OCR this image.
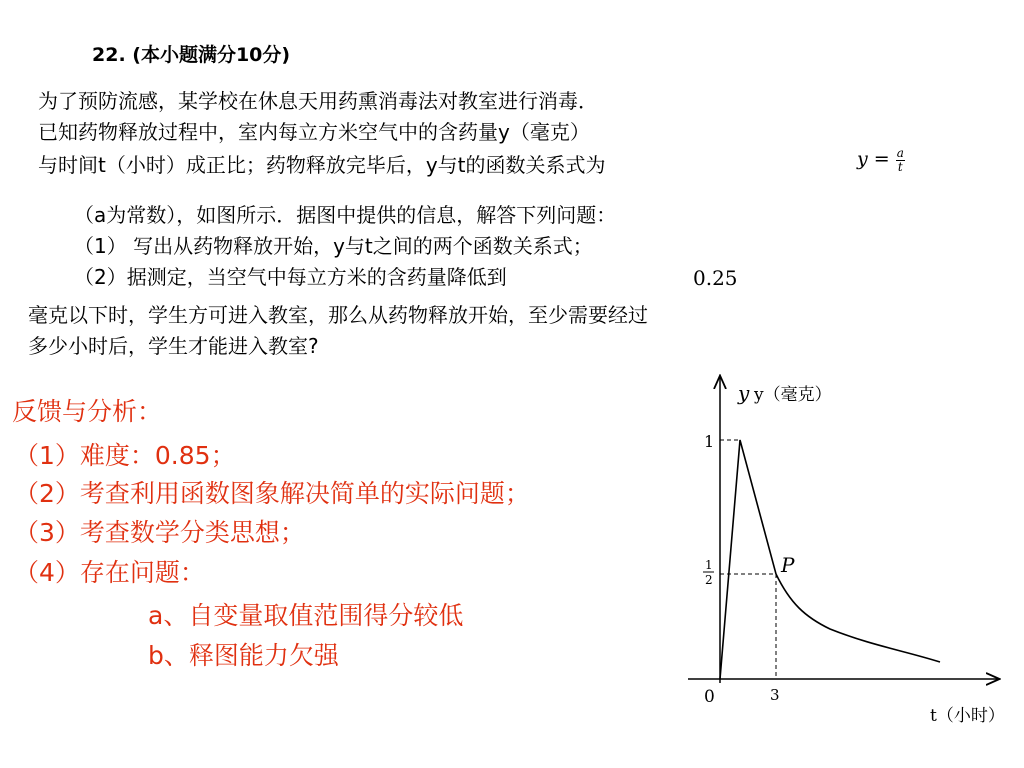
22. (本小题满分10分)
为了预防流感，某学校在休息天用药熏消毒法对教室进行消毒．
已知药物释放过程中，室内每立方米空气中的含药量y（毫克）
与时间t（小时）成正比；药物释放完毕后，y与t的函数关系式为	$y = \frac{a}{t}$
（a为常数），如图所示．据图中提供的信息，解答下列问题：
（1） 写出从药物释放开始，y与t之间的两个函数关系式；
（2）据测定，当空气中每立方米的含药量降低到	0.25
毫克以下时，学生方可进入教室，那么从药物释放开始，至少需要经过
多少小时后，学生才能进入教室?
反馈与分析：
（1）难度：0.85；
（2）考查利用函数图象解决简单的实际问题；
（3）考查数学分类思想；
（4）存在问题：
a、自变量取值范围得分较低
b、释图能力欠强
y y（毫克）
t（小时）
0
1
1
2
3
P
